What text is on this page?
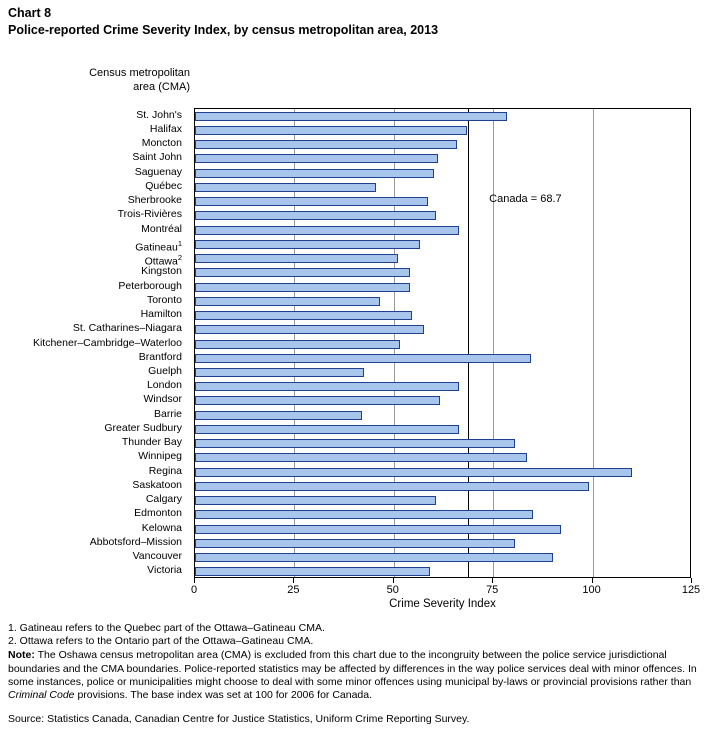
Chart 8
Police-reported Crime Severity Index, by census metropolitan area, 2013
Census metropolitan
area (CMA)
St. John's
Halifax
Moncton
Saint John
Saguenay
Québec
Sherbrooke
Trois-Rivières
Montréal
Gatineau$^1$
Ottawa$^2$
Kingston
Peterborough
Toronto
Hamilton
St. Catharines–Niagara
Kitchener–Cambridge–Waterloo
Brantford
Guelph
London
Windsor
Barrie
Greater Sudbury
Thunder Bay
Winnipeg
Regina
Saskatoon
Calgary
Edmonton
Kelowna
Abbotsford–Mission
Vancouver
Victoria
Canada = 68.7
0	25	50	75	100	125
Crime Severity Index

1. Gatineau refers to the Quebec part of the Ottawa–Gatineau CMA.

2. Ottawa refers to the Ontario part of the Ottawa–Gatineau CMA.

Note: The Oshawa census metropolitan area (CMA) is excluded from this chart due to the incongruity between the police service jurisdictional boundaries and the CMA boundaries. Police-reported statistics may be affected by differences in the way police services deal with minor offences. In some instances, police or municipalities might choose to deal with some minor offences using municipal by-laws or provincial provisions rather than Criminal Code provisions. The base index was set at 100 for 2006 for Canada.

Source: Statistics Canada, Canadian Centre for Justice Statistics, Uniform Crime Reporting Survey.
